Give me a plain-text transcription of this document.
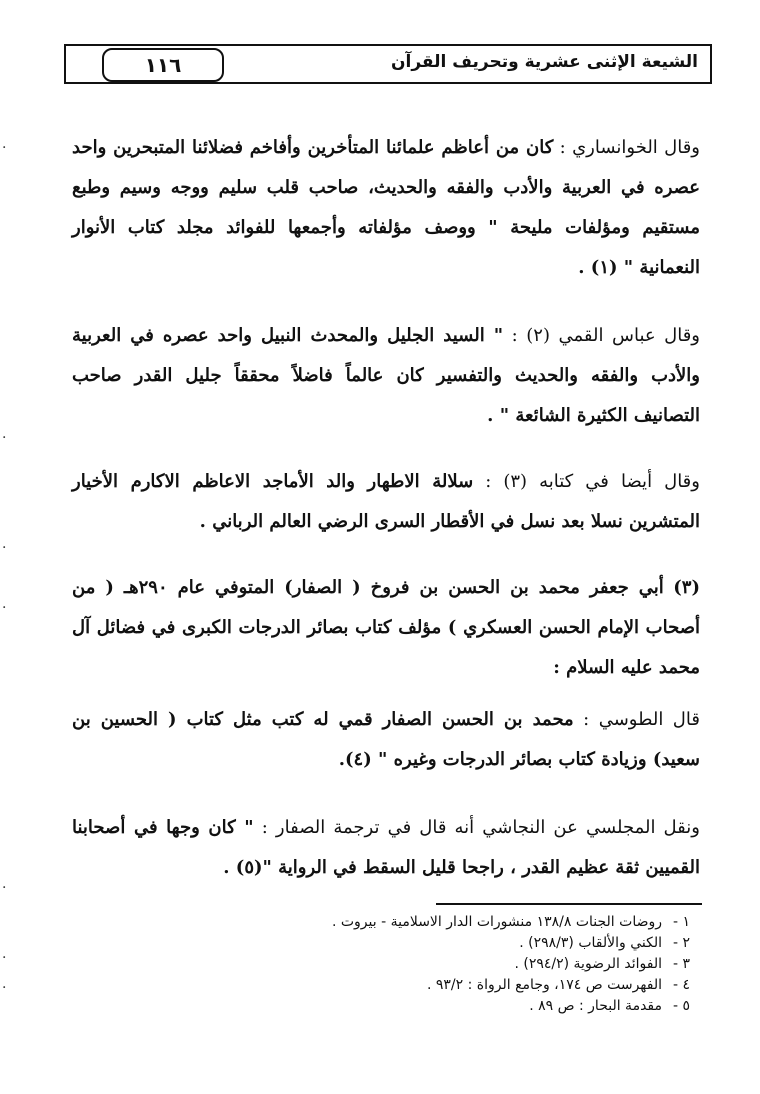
١١٦	الشيعة الإثنى عشرية وتحريف القرآن

وقال الخوانساري : كان من أعاظم علمائنا المتأخرين وأفاخم فضلائنا المتبحرين واحد عصره في العربية والأدب والفقه والحديث، صاحب قلب سليم ووجه وسيم وطبع مستقيم ومؤلفات مليحة " ووصف مؤلفاته وأجمعها للفوائد مجلد كتاب الأنوار النعمانية " (١) .

وقال عباس القمي (٢) : " السيد الجليل والمحدث النبيل واحد عصره في العربية والأدب والفقه والحديث والتفسير كان عالماً فاضلاً محققاً جليل القدر صاحب التصانيف الكثيرة الشائعة " .

وقال أيضا في كتابه (٣) : سلالة الاطهار والد الأماجد الاعاظم الاكارم الأخيار المتشرين نسلا بعد نسل في الأقطار السرى الرضي العالم الرباني .

(٣) أبي جعفر محمد بن الحسن بن فروخ ( الصفار) المتوفي عام ٢٩٠هـ ( من أصحاب الإمام الحسن العسكري ) مؤلف كتاب بصائر الدرجات الكبرى في فضائل آل محمد عليه السلام :

قال الطوسي : محمد بن الحسن الصفار قمي له كتب مثل كتاب ( الحسين بن سعيد) وزيادة كتاب بصائر الدرجات وغيره " (٤).

ونقل المجلسي عن النجاشي أنه قال في ترجمة الصفار : " كان وجها في أصحابنا القميين ثقة عظيم القدر ، راجحا قليل السقط في الرواية "(٥) .

١ -روضات الجنات ١٣٨/٨ منشورات الدار الاسلامية - بيروت .
٢ -الكني والألقاب (٢٩٨/٣) .
٣ -الفوائد الرضوية (٢٩٤/٢) .
٤ -الفهرست ص ١٧٤، وجامع الرواة : ٩٣/٢ .
٥ -مقدمة البحار : ص ٨٩ .
·
·
·
·
·
·
·
